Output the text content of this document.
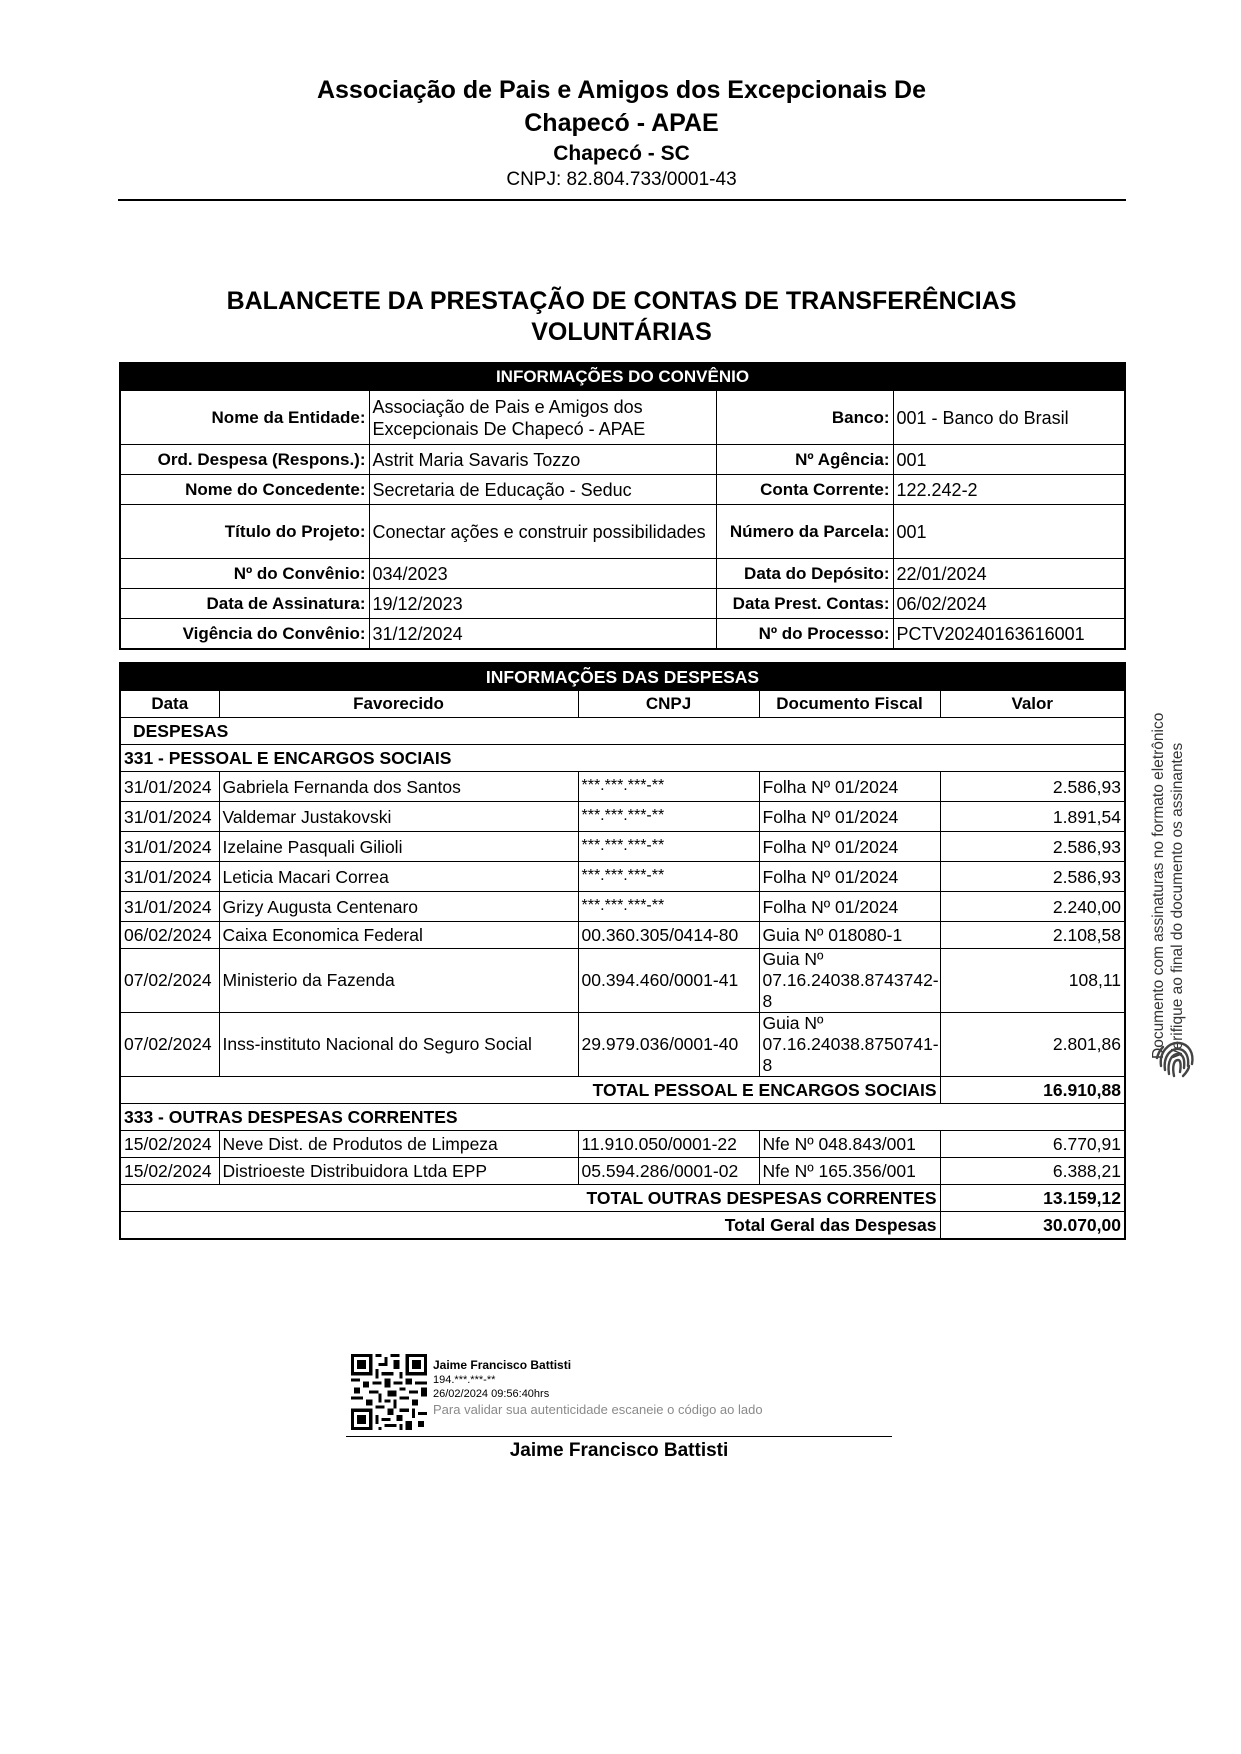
Associação de Pais e Amigos dos Excepcionais De
Chapecó - APAE
Chapecó - SC
CNPJ: 82.804.733/0001-43
BALANCETE DA PRESTAÇÃO DE CONTAS DE TRANSFERÊNCIAS
VOLUNTÁRIAS
INFORMAÇÕES DO CONVÊNIO			
Nome da Entidade:	Associação de Pais e Amigos dos Excepcionais De Chapecó - APAE	Banco:	001 - Banco do Brasil
Ord. Despesa (Respons.):	Astrit Maria Savaris Tozzo	Nº Agência:	001
Nome do Concedente:	Secretaria de Educação - Seduc	Conta Corrente:	122.242-2
Título do Projeto:	Conectar ações e construir possibilidades	Número da Parcela:	001
Nº do Convênio:	034/2023	Data do Depósito:	22/01/2024
Data de Assinatura:	19/12/2023	Data Prest. Contas:	06/02/2024
Vigência do Convênio:	31/12/2024	Nº do Processo:	PCTV20240163616001
INFORMAÇÕES DAS DESPESAS				
Data	Favorecido	CNPJ	Documento Fiscal	Valor
DESPESAS				
331 - PESSOAL E ENCARGOS SOCIAIS				
31/01/2024	Gabriela Fernanda dos Santos	***.***.***-**	Folha Nº 01/2024	2.586,93
31/01/2024	Valdemar Justakovski	***.***.***-**	Folha Nº 01/2024	1.891,54
31/01/2024	Izelaine Pasquali Gilioli	***.***.***-**	Folha Nº 01/2024	2.586,93
31/01/2024	Leticia Macari Correa	***.***.***-**	Folha Nº 01/2024	2.586,93
31/01/2024	Grizy Augusta Centenaro	***.***.***-**	Folha Nº 01/2024	2.240,00
06/02/2024	Caixa Economica Federal	00.360.305/0414-80	Guia Nº 018080-1	2.108,58
07/02/2024	Ministerio da Fazenda	00.394.460/0001-41	Guia Nº 07.16.24038.8743742-8	108,11
07/02/2024	Inss-instituto Nacional do Seguro Social	29.979.036/0001-40	Guia Nº 07.16.24038.8750741-8	2.801,86
TOTAL PESSOAL E ENCARGOS SOCIAIS				16.910,88
333 - OUTRAS DESPESAS CORRENTES				
15/02/2024	Neve Dist. de Produtos de Limpeza	11.910.050/0001-22	Nfe Nº 048.843/001	6.770,91
15/02/2024	Distrioeste Distribuidora Ltda EPP	05.594.286/0001-02	Nfe Nº 165.356/001	6.388,21
TOTAL OUTRAS DESPESAS CORRENTES				13.159,12
Total Geral das Despesas				30.070,00
Documento com assinaturas no formato eletrônico Verifique ao final do documento os assinantes
Jaime Francisco Battisti
194.***.***-**
26/02/2024 09:56:40hrs
Para validar sua autenticidade escaneie o código ao lado
Jaime Francisco Battisti
